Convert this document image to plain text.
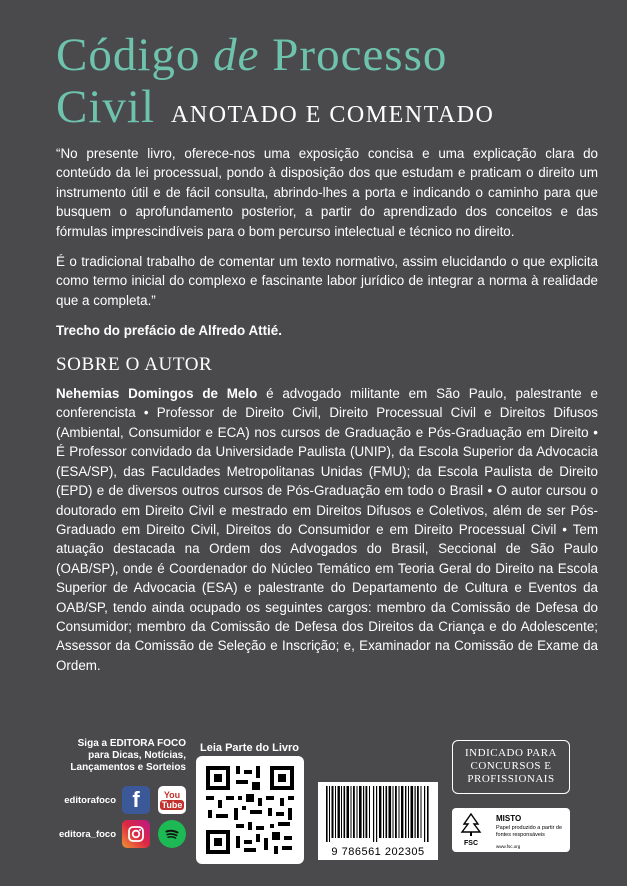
Código de Processo
Civil ANOTADO E COMENTADO

“No presente livro, oferece-nos uma exposição concisa e uma explicação clara do conteúdo da lei processual, pondo à disposição dos que estudam e praticam o direito um instrumento útil e de fácil consulta, abrindo-lhes a porta e indicando o caminho para que busquem o aprofundamento posterior, a partir do aprendizado dos conceitos e das fórmulas imprescindíveis para o bom percurso intelectual e técnico no direito.

É o tradicional trabalho de comentar um texto normativo, assim elucidando o que explicita como termo inicial do complexo e fascinante labor jurídico de integrar a norma à realidade que a completa.”

Trecho do prefácio de Alfredo Attié.

SOBRE O AUTOR

Nehemias Domingos de Melo é advogado militante em São Paulo, palestrante e conferencista • Professor de Direito Civil, Direito Processual Civil e Direitos Difusos (Ambiental, Consumidor e ECA) nos cursos de Graduação e Pós-Graduação em Direito • É Professor convidado da Universidade Paulista (UNIP), da Escola Superior da Advocacia (ESA/SP), das Faculdades Metropolitanas Unidas (FMU); da Escola Paulista de Direito (EPD) e de diversos outros cursos de Pós-Graduação em todo o Brasil • O autor cursou o doutorado em Direito Civil e mestrado em Direitos Difusos e Coletivos, além de ser Pós-Graduado em Direito Civil, Direitos do Consumidor e em Direito Processual Civil • Tem atuação destacada na Ordem dos Advogados do Brasil, Seccional de São Paulo (OAB/SP), onde é Coordenador do Núcleo Temático em Teoria Geral do Direito na Escola Superior de Advocacia (ESA) e palestrante do Departamento de Cultura e Eventos da OAB/SP, tendo ainda ocupado os seguintes cargos: membro da Comissão de Defesa do Consumidor; membro da Comissão de Defesa dos Direitos da Criança e do Adolescente; Assessor da Comissão de Seleção e Inscrição; e, Examinador na Comissão de Exame da Ordem.

Siga a EDITORA FOCO
para Dicas, Notícias,
Lançamentos e Sorteios
editorafoco f	You
Tube
editora_foco
Leia Parte do Livro
9 786561 202305
INDICADO PARA
CONCURSOS E
PROFISSIONAIS
FSC
MISTO
Papel produzido a partir de fontes responsáveis
www.fsc.org
